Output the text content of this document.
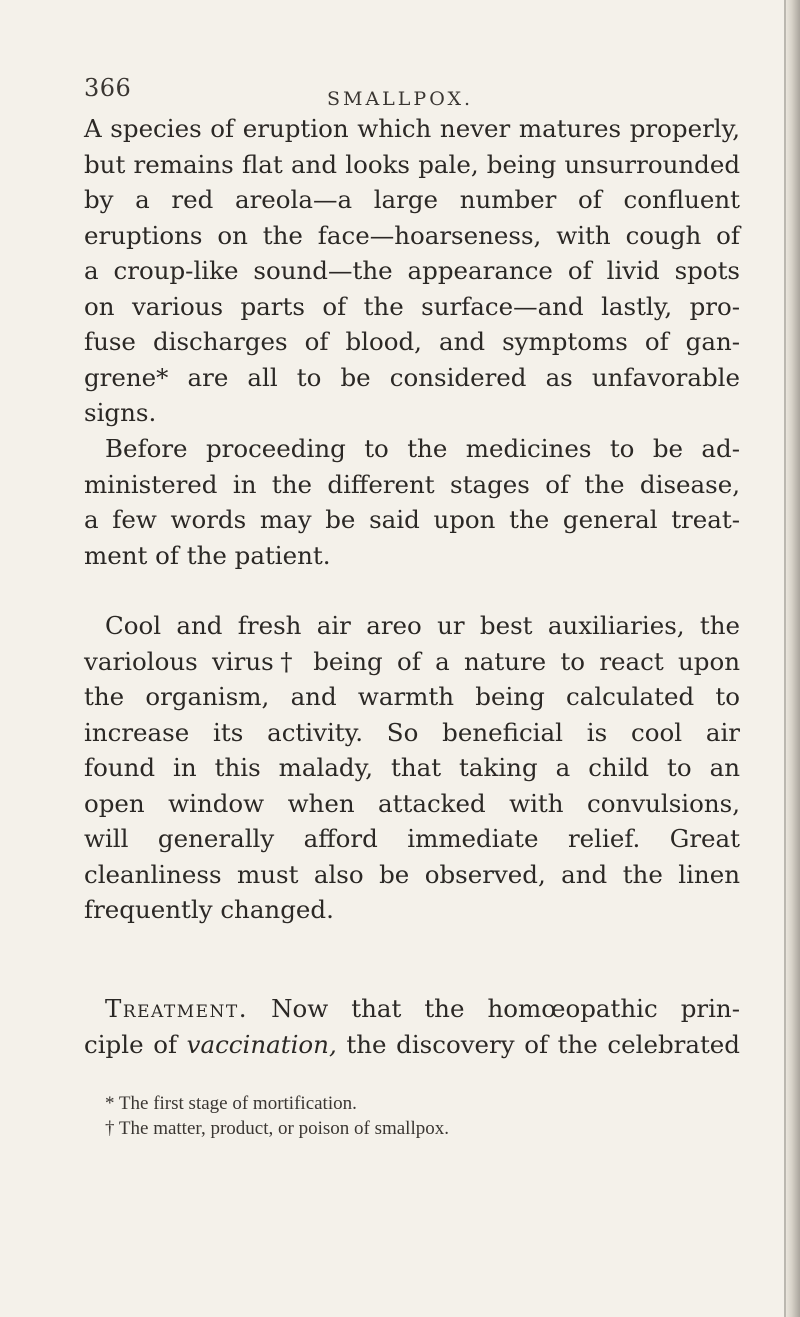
366	SMALLPOX.
A species of eruption which never matures properly,
but remains flat and looks pale, being unsurrounded
by a red areola—a large number of confluent
eruptions on the face—hoarseness, with cough of
a croup-like sound—the appearance of livid spots
on various parts of the surface—and lastly, pro-
fuse discharges of blood, and symptoms of gan-
grene* are all to be considered as unfavorable
signs.
Before proceeding to the medicines to be ad-
ministered in the different stages of the disease,
a few words may be said upon the general treat-
ment of the patient.
Cool and fresh air areo ur best auxiliaries, the
variolous virus† being of a nature to react upon
the organism, and warmth being calculated to
increase its activity. So beneficial is cool air
found in this malady, that taking a child to an
open window when attacked with convulsions,
will generally afford immediate relief. Great
cleanliness must also be observed, and the linen
frequently changed.
Treatment. Now that the homœopathic prin-
ciple of vaccination, the discovery of the celebrated
* The first stage of mortification.
† The matter, product, or poison of smallpox.
